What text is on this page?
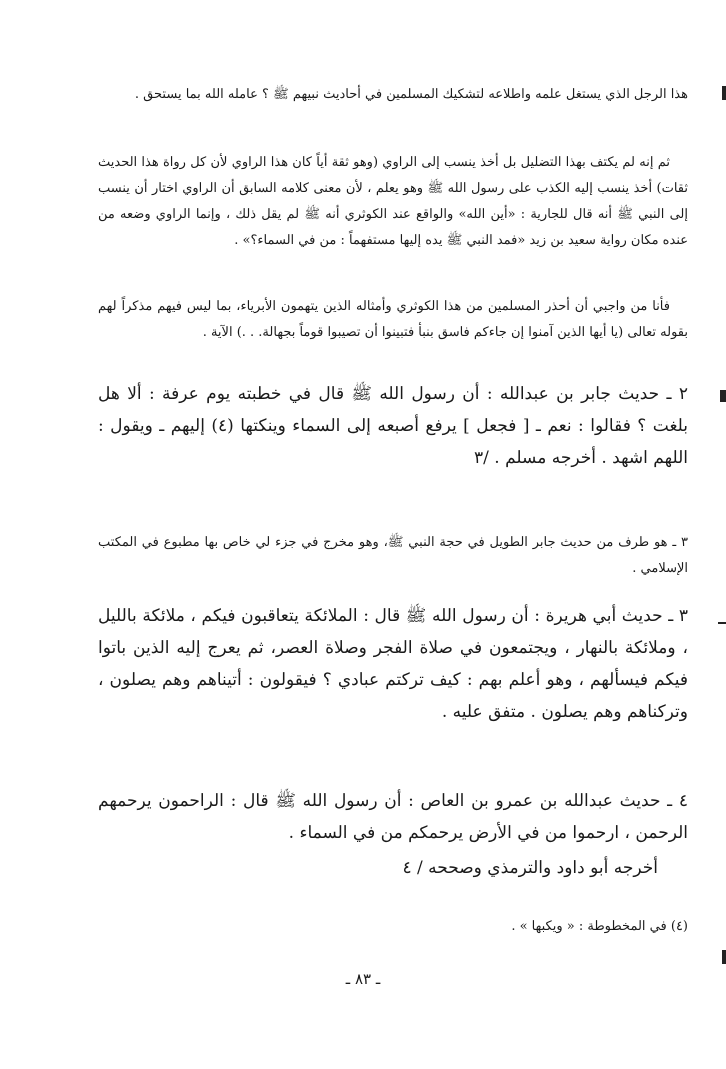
هذا الرجل الذي يستغل علمه واطلاعه لتشكيك المسلمين في أحاديث نبيهم ﷺ ؟ عامله الله بما يستحق .

ثم إنه لم يكتف بهذا التضليل بل أخذ ينسب إلى الراوي (وهو ثقة أياً كان هذا الراوي لأن كل رواة هذا الحديث ثقات) أخذ ينسب إليه الكذب على رسول الله ﷺ وهو يعلم ، لأن معنى كلامه السابق أن الراوي اختار أن ينسب إلى النبي ﷺ أنه قال للجارية : «أين الله» والواقع عند الكوثري أنه ﷺ لم يقل ذلك ، وإنما الراوي وضعه من عنده مكان رواية سعيد بن زيد «فمد النبي ﷺ يده إليها مستفهماً : من في السماء؟» .

فأنا من واجبي أن أحذر المسلمين من هذا الكوثري وأمثاله الذين يتهمون الأبرياء، بما ليس فيهم مذكراً لهم بقوله تعالى (يا أيها الذين آمنوا إن جاءكم فاسق بنبأ فتبينوا أن تصيبوا قوماً بجهالة. . .) الآية .

٢ ـ حديث جابر بن عبدالله : أن رسول الله ﷺ قال في خطبته يوم عرفة : ألا هل بلغت ؟ فقالوا : نعم ـ [ فجعل ] يرفع أصبعه إلى السماء وينكتها (٤) إليهم ـ ويقول : اللهم اشهد . أخرجه مسلم . /٣

٣ ـ هو طرف من حديث جابر الطويل في حجة النبي ﷺ، وهو مخرج في جزء لي خاص بها مطبوع في المكتب الإسلامي .

٣ ـ حديث أبي هريرة : أن رسول الله ﷺ قال : الملائكة يتعاقبون فيكم ، ملائكة بالليل ، وملائكة بالنهار ، ويجتمعون في صلاة الفجر وصلاة العصر، ثم يعرج إليه الذين باتوا فيكم فيسألهم ، وهو أعلم بهم : كيف تركتم عبادي ؟ فيقولون : أتيناهم وهم يصلون ، وتركناهم وهم يصلون . متفق عليه .

٤ ـ حديث عبدالله بن عمرو بن العاص : أن رسول الله ﷺ قال : الراحمون يرحمهم الرحمن ، ارحموا من في الأرض يرحمكم من في السماء .

أخرجه أبو داود والترمذي وصححه / ٤

(٤) في المخطوطة : « ويكبها » .

ـ ٨٣ ـ
